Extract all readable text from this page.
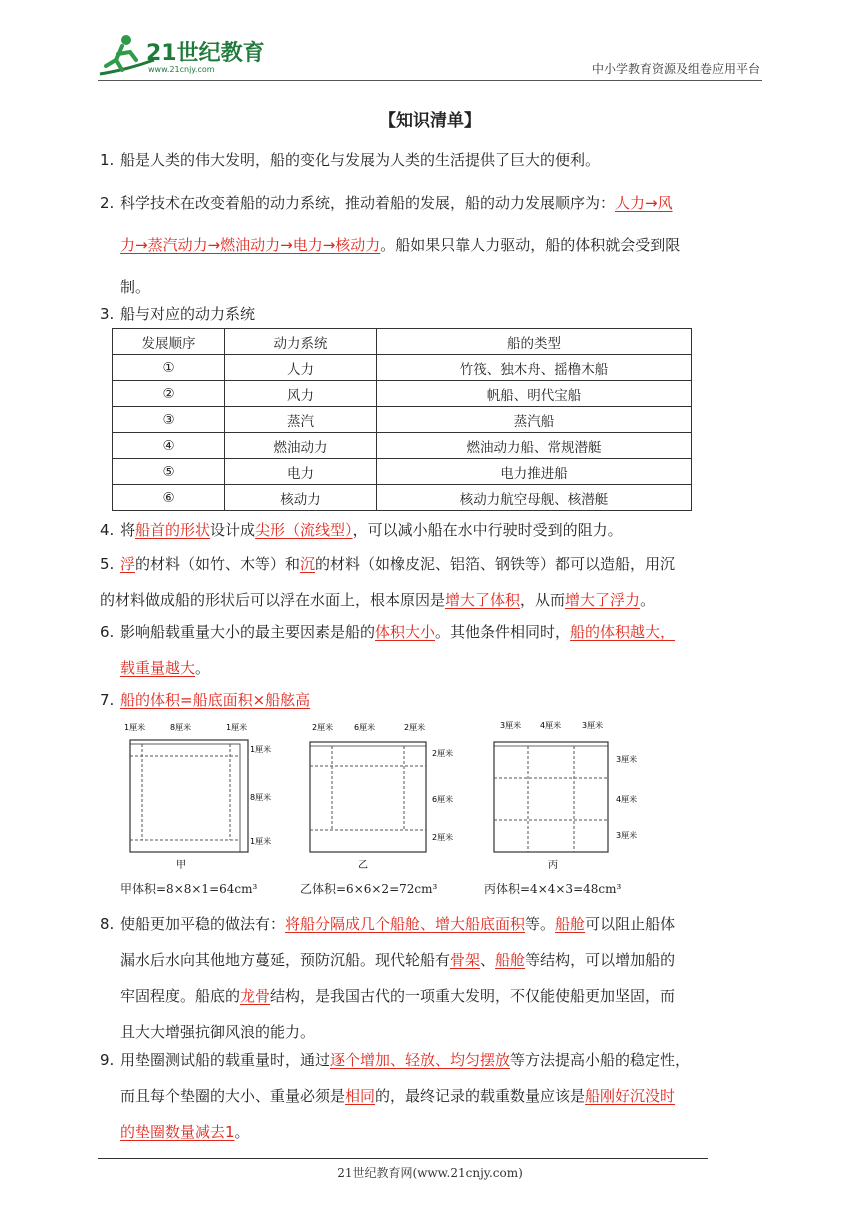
21世纪教育
www.21cnjy.com	中小学教育资源及组卷应用平台
【知识清单】
1. 船是人类的伟大发明，船的变化与发展为人类的生活提供了巨大的便利。
2. 科学技术在改变着船的动力系统，推动着船的发展，船的动力发展顺序为：人力→风
力→蒸汽动力→燃油动力→电力→核动力。船如果只靠人力驱动，船的体积就会受到限
制。
3. 船与对应的动力系统
发展顺序	动力系统	船的类型
①	人力	竹筏、独木舟、摇橹木船
②	风力	帆船、明代宝船
③	蒸汽	蒸汽船
④	燃油动力	燃油动力船、常规潜艇
⑤	电力	电力推进船
⑥	核动力	核动力航空母舰、核潜艇
4. 将船首的形状设计成尖形（流线型），可以减小船在水中行驶时受到的阻力。
5. 浮的材料（如竹、木等）和沉的材料（如橡皮泥、铝箔、钢铁等）都可以造船，用沉
的材料做成船的形状后可以浮在水面上，根本原因是增大了体积，从而增大了浮力。
6. 影响船载重量大小的最主要因素是船的体积大小。其他条件相同时，船的体积越大，
载重量越大。
7. 船的体积=船底面积×船舷高
1厘米	8厘米	1厘米
1厘米
8厘米
1厘米
甲
2厘米	6厘米	2厘米
2厘米
6厘米
2厘米
乙
3厘米 4厘米	3厘米
3厘米
4厘米
3厘米
丙
甲体积=8×8×1=64cm³	乙体积=6×6×2=72cm³	丙体积=4×4×3=48cm³
8. 使船更加平稳的做法有：将船分隔成几个船舱、增大船底面积等。船舱可以阻止船体
漏水后水向其他地方蔓延，预防沉船。现代轮船有骨架、船舱等结构，可以增加船的
牢固程度。船底的龙骨结构，是我国古代的一项重大发明，不仅能使船更加坚固，而
且大大增强抗御风浪的能力。
9. 用垫圈测试船的载重量时，通过逐个增加、轻放、均匀摆放等方法提高小船的稳定性，
而且每个垫圈的大小、重量必须是相同的，最终记录的载重数量应该是船刚好沉没时
的垫圈数量减去1。
21世纪教育网(www.21cnjy.com)
